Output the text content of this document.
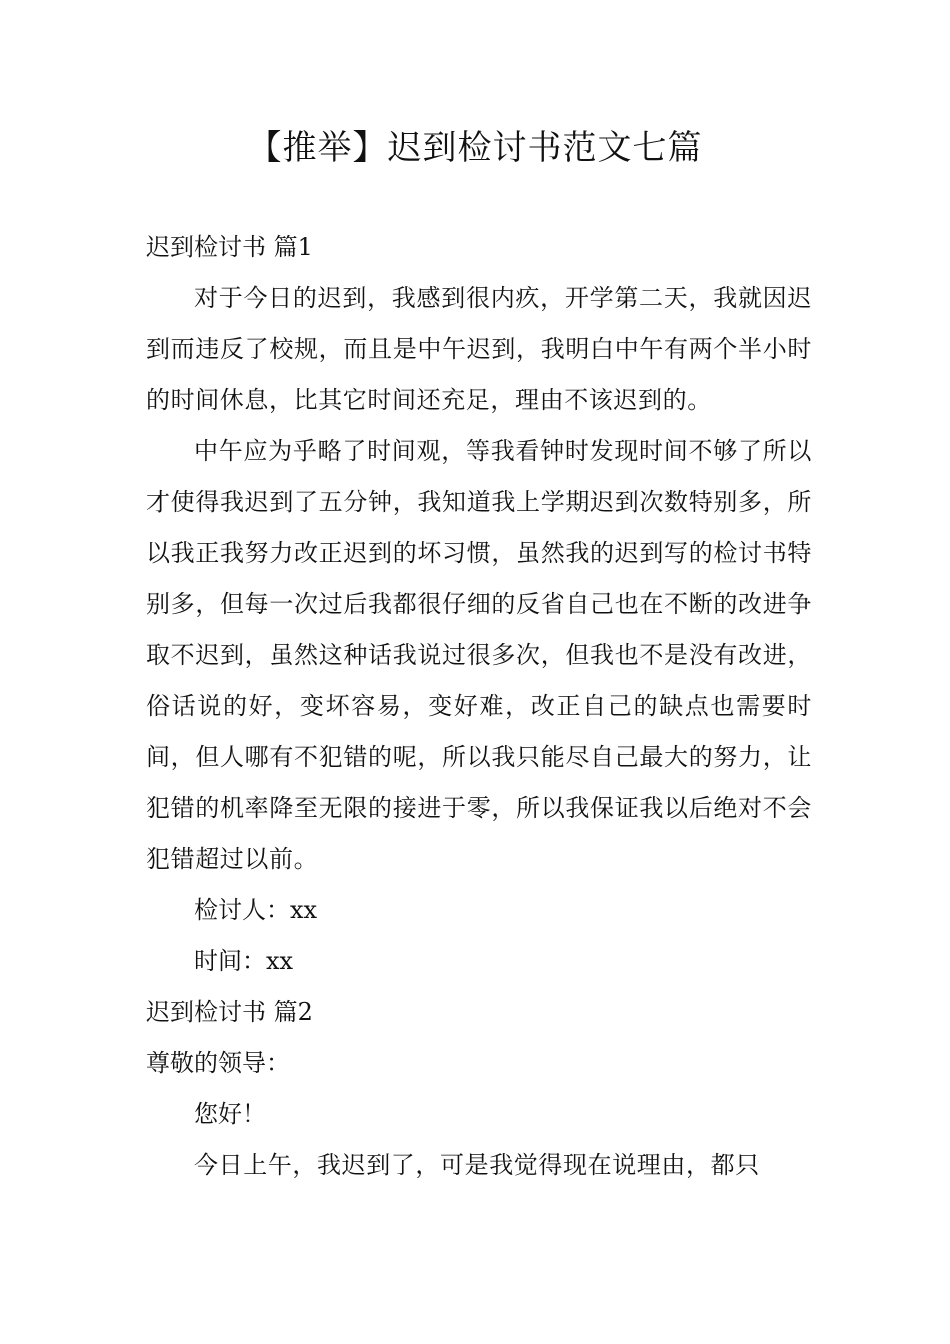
【推举】迟到检讨书范文七篇

迟到检讨书 篇1

对于今日的迟到，我感到很内疚，开学第二天，我就因迟到而违反了校规，而且是中午迟到，我明白中午有两个半小时的时间休息，比其它时间还充足，理由不该迟到的。

中午应为乎略了时间观，等我看钟时发现时间不够了所以才使得我迟到了五分钟，我知道我上学期迟到次数特别多，所以我正我努力改正迟到的坏习惯，虽然我的迟到写的检讨书特别多，但每一次过后我都很仔细的反省自己也在不断的改进争取不迟到，虽然这种话我说过很多次，但我也不是没有改进，俗话说的好，变坏容易，变好难，改正自己的缺点也需要时间，但人哪有不犯错的呢，所以我只能尽自己最大的努力，让犯错的机率降至无限的接进于零，所以我保证我以后绝对不会犯错超过以前。

检讨人：xx

时间：xx

迟到检讨书 篇2

尊敬的领导：

您好！

今日上午，我迟到了，可是我觉得现在说理由，都只
